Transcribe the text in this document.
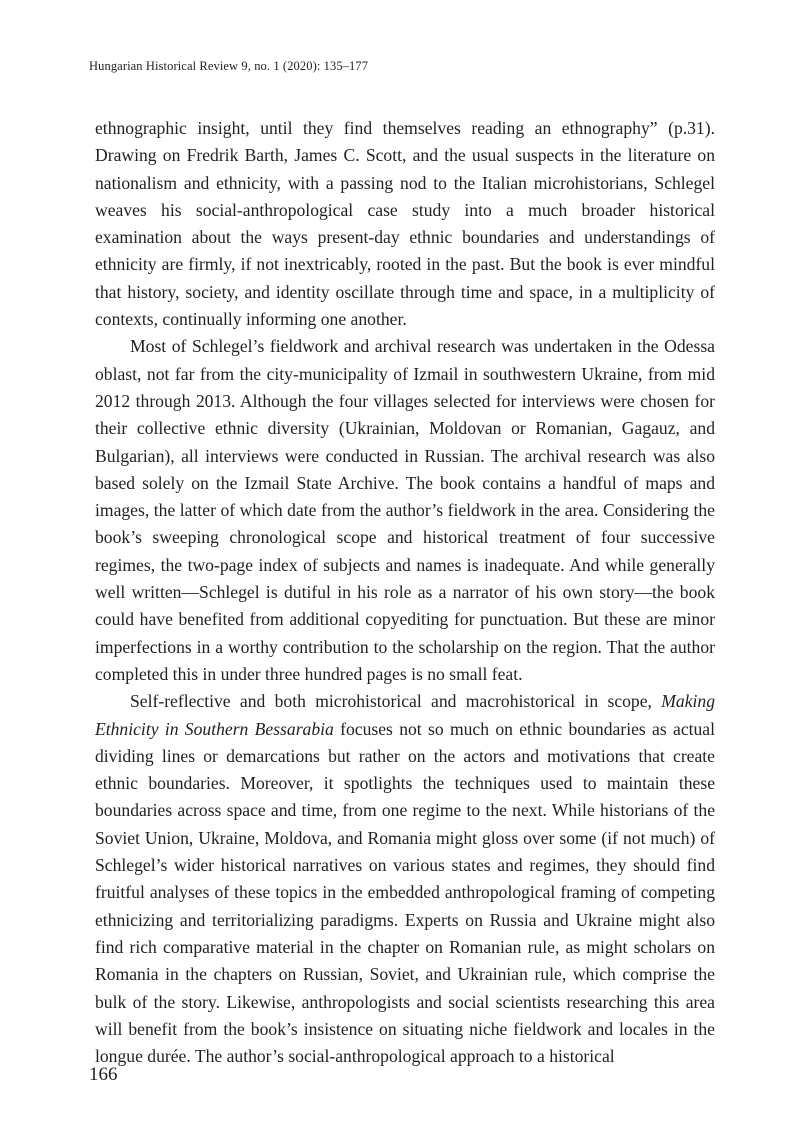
Hungarian Historical Review 9, no. 1 (2020): 135–177

ethnographic insight, until they find themselves reading an ethnography” (p.31). Drawing on Fredrik Barth, James C. Scott, and the usual suspects in the literature on nationalism and ethnicity, with a passing nod to the Italian microhistorians, Schlegel weaves his social-anthropological case study into a much broader historical examination about the ways present-day ethnic boundaries and understandings of ethnicity are firmly, if not inextricably, rooted in the past. But the book is ever mindful that history, society, and identity oscillate through time and space, in a multiplicity of contexts, continually informing one another.

Most of Schlegel’s fieldwork and archival research was undertaken in the Odessa oblast, not far from the city-municipality of Izmail in southwestern Ukraine, from mid 2012 through 2013. Although the four villages selected for interviews were chosen for their collective ethnic diversity (Ukrainian, Moldovan or Romanian, Gagauz, and Bulgarian), all interviews were conducted in Russian. The archival research was also based solely on the Izmail State Archive. The book contains a handful of maps and images, the latter of which date from the author’s fieldwork in the area. Considering the book’s sweeping chronological scope and historical treatment of four successive regimes, the two-page index of subjects and names is inadequate. And while generally well written—Schlegel is dutiful in his role as a narrator of his own story—the book could have benefited from additional copyediting for punctuation. But these are minor imperfections in a worthy contribution to the scholarship on the region. That the author completed this in under three hundred pages is no small feat.

Self-reflective and both microhistorical and macrohistorical in scope, Making Ethnicity in Southern Bessarabia focuses not so much on ethnic boundaries as actual dividing lines or demarcations but rather on the actors and motivations that create ethnic boundaries. Moreover, it spotlights the techniques used to maintain these boundaries across space and time, from one regime to the next. While historians of the Soviet Union, Ukraine, Moldova, and Romania might gloss over some (if not much) of Schlegel’s wider historical narratives on various states and regimes, they should find fruitful analyses of these topics in the embedded anthropological framing of competing ethnicizing and territorializing paradigms. Experts on Russia and Ukraine might also find rich comparative material in the chapter on Romanian rule, as might scholars on Romania in the chapters on Russian, Soviet, and Ukrainian rule, which comprise the bulk of the story. Likewise, anthropologists and social scientists researching this area will benefit from the book’s insistence on situating niche fieldwork and locales in the longue durée. The author’s social-anthropological approach to a historical

166
